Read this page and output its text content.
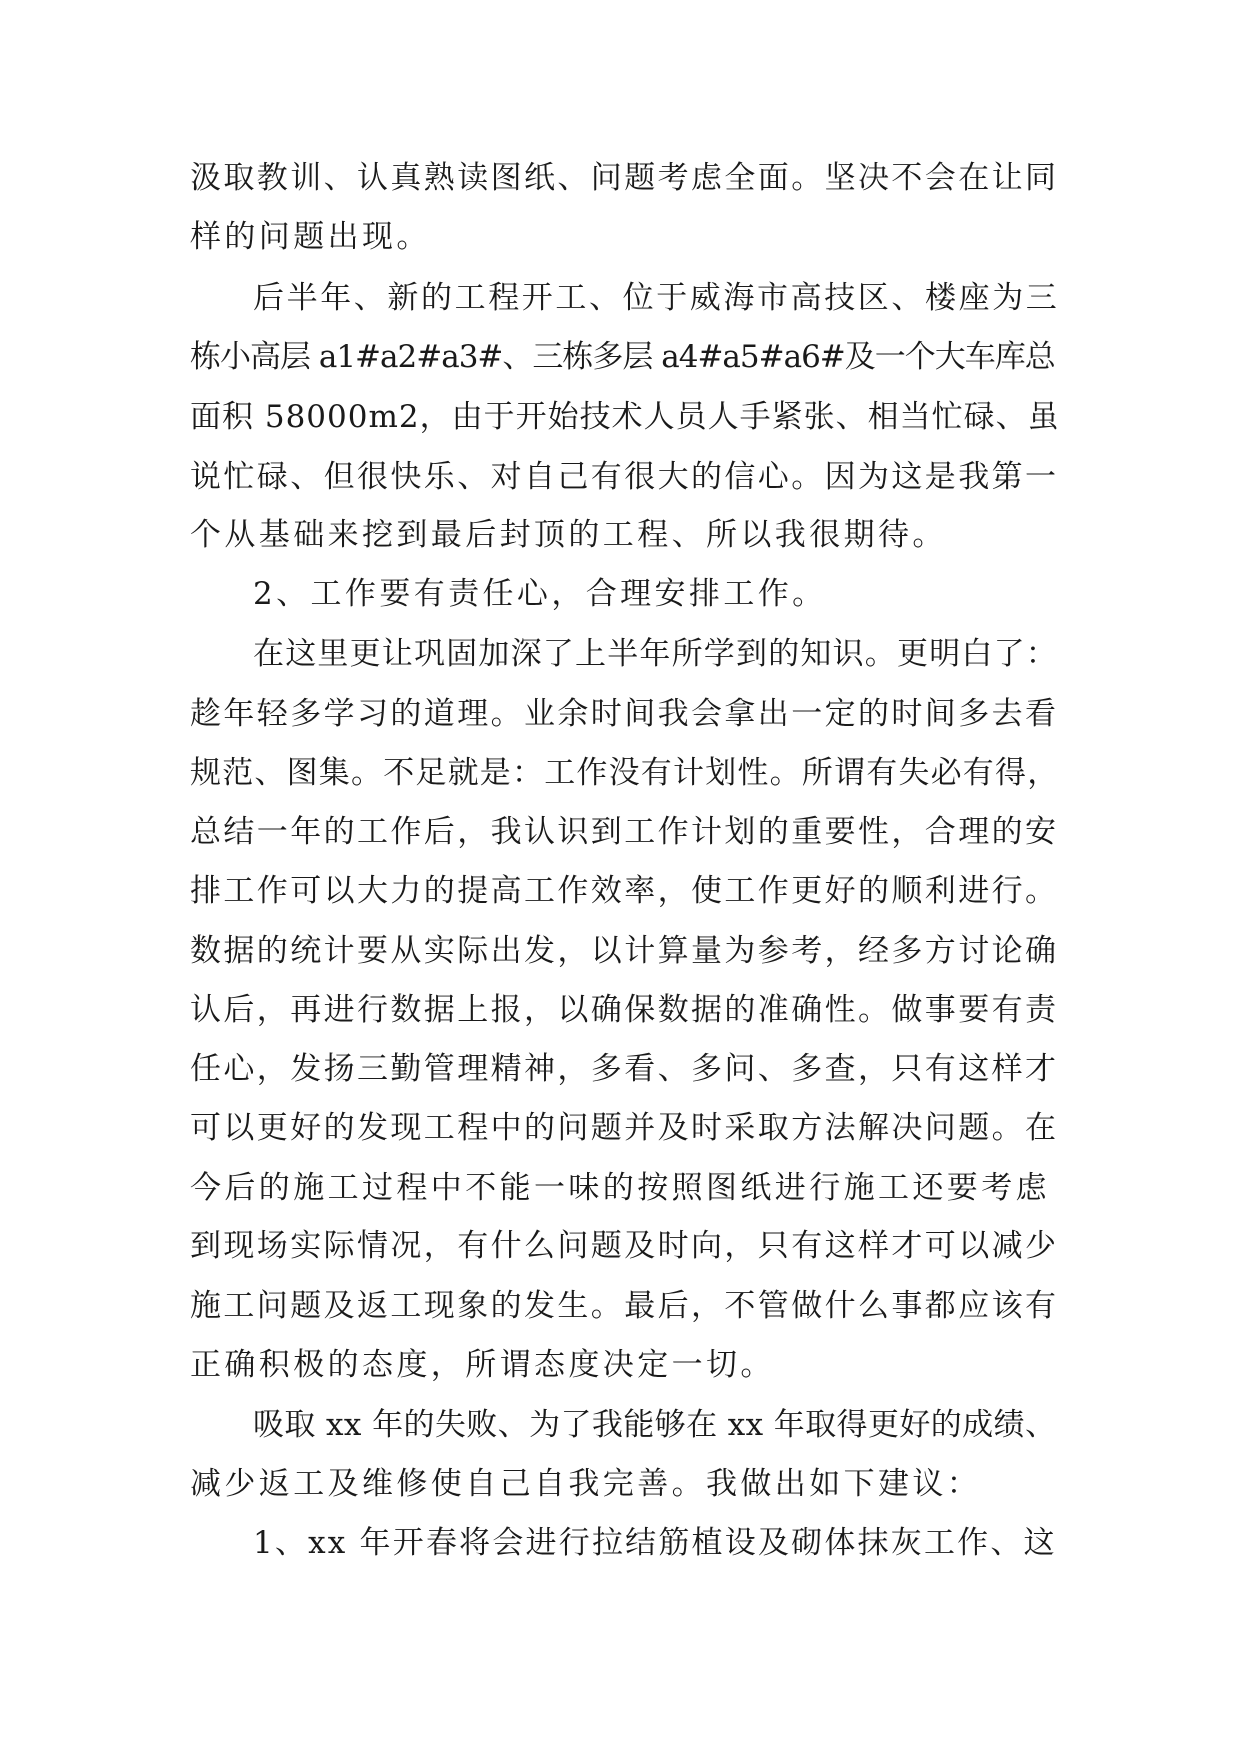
汲取教训、认真熟读图纸、问题考虑全面。坚决不会在让同
样的问题出现。
后半年、新的工程开工、位于威海市高技区、楼座为三
栋小高层 a1#a2#a3#、三栋多层 a4#a5#a6#及一个大车库总
面积 58000m2，由于开始技术人员人手紧张、相当忙碌、虽
说忙碌、但很快乐、对自己有很大的信心。因为这是我第一
个从基础来挖到最后封顶的工程、所以我很期待。
2、工作要有责任心，合理安排工作。
在这里更让巩固加深了上半年所学到的知识。更明白了：
趁年轻多学习的道理。业余时间我会拿出一定的时间多去看
规范、图集。不足就是：工作没有计划性。所谓有失必有得，
总结一年的工作后，我认识到工作计划的重要性，合理的安
排工作可以大力的提高工作效率，使工作更好的顺利进行。
数据的统计要从实际出发，以计算量为参考，经多方讨论确
认后，再进行数据上报，以确保数据的准确性。做事要有责
任心，发扬三勤管理精神，多看、多问、多查，只有这样才
可以更好的发现工程中的问题并及时采取方法解决问题。在
今后的施工过程中不能一味的按照图纸进行施工还要考虑
到现场实际情况，有什么问题及时向，只有这样才可以减少
施工问题及返工现象的发生。最后，不管做什么事都应该有
正确积极的态度，所谓态度决定一切。
吸取 xx 年的失败、为了我能够在 xx 年取得更好的成绩、
减少返工及维修使自己自我完善。我做出如下建议：
1、xx 年开春将会进行拉结筋植设及砌体抹灰工作、这
